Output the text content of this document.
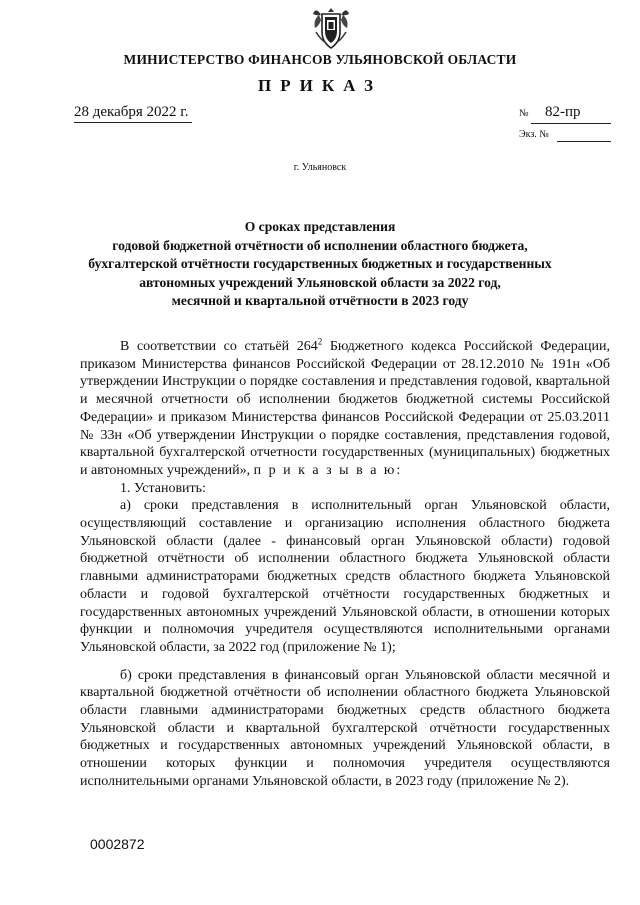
МИНИСТЕРСТВО ФИНАНСОВ УЛЬЯНОВСКОЙ ОБЛАСТИ
ПРИКАЗ
28 декабря 2022 г.	№ 82-пр
Экз. №
г. Ульяновск
О сроках представления
годовой бюджетной отчётности об исполнении областного бюджета,
бухгалтерской отчётности государственных бюджетных и государственных
автономных учреждений Ульяновской области за 2022 год,
месячной и квартальной отчётности в 2023 году

В соответствии со статьёй $264^2$ Бюджетного кодекса Российской Федерации, приказом Министерства финансов Российской Федерации от 28.12.2010 № 191н «Об утверждении Инструкции о порядке составления и представления годовой, квартальной и месячной отчетности об исполнении бюджетов бюджетной системы Российской Федерации» и приказом Министерства финансов Российской Федерации от 25.03.2011 № 33н «Об утверждении Инструкции о порядке составления, представления годовой, квартальной бухгалтерской отчетности государственных (муниципальных) бюджетных и автономных учреждений», п р и к а з ы в а ю:

1. Установить:

а) сроки представления в исполнительный орган Ульяновской области, осуществляющий составление и организацию исполнения областного бюджета Ульяновской области (далее - финансовый орган Ульяновской области) годовой бюджетной отчётности об исполнении областного бюджета Ульяновской области главными администраторами бюджетных средств областного бюджета Ульяновской области и годовой бухгалтерской отчётности государственных бюджетных и государственных автономных учреждений Ульяновской области, в отношении которых функции и полномочия учредителя осуществляются исполнительными органами Ульяновской области, за 2022 год (приложение № 1);

б) сроки представления в финансовый орган Ульяновской области месячной и квартальной бюджетной отчётности об исполнении областного бюджета Ульяновской области главными администраторами бюджетных средств областного бюджета Ульяновской области и квартальной бухгалтерской отчётности государственных бюджетных и государственных автономных учреждений Ульяновской области, в отношении которых функции и полномочия учредителя осуществляются исполнительными органами Ульяновской области, в 2023 году (приложение № 2).

0002872
